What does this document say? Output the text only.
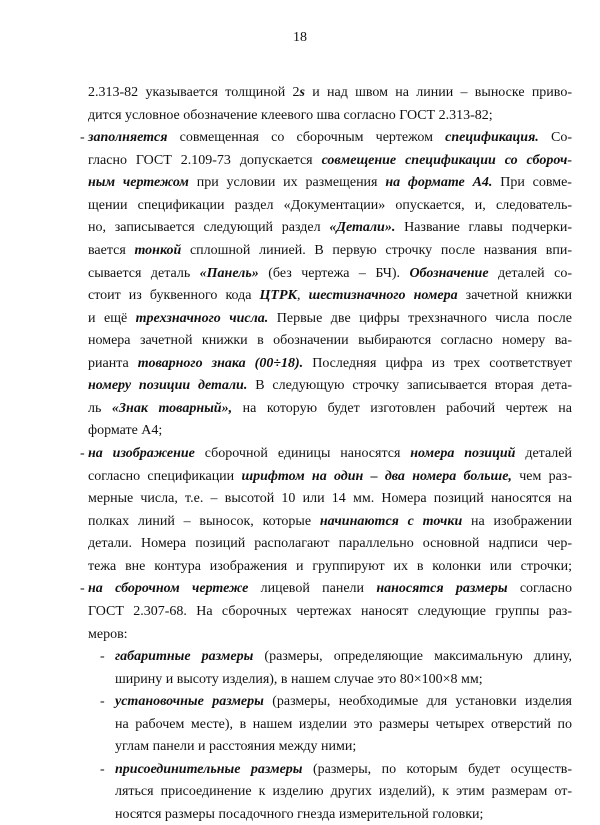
18
2.313-82 указывается толщиной 2s и над швом на линии – выноске приво-
дится условное обозначение клеевого шва согласно ГОСТ 2.313-82;
заполняется совмещенная со сборочным чертежом спецификация. Со-
гласно ГОСТ 2.109-73 допускается совмещение спецификации со сбороч-
ным чертежом при условии их размещения на формате А4. При совме-
щении спецификации раздел «Документации» опускается, и, следователь-
но, записывается следующий раздел «Детали». Название главы подчерки-
вается тонкой сплошной линией. В первую строчку после названия впи-
сывается деталь «Панель» (без чертежа – БЧ). Обозначение деталей со-
стоит из буквенного кода ЦТРК, шестизначного номера зачетной книжки
и ещё трехзначного числа. Первые две цифры трехзначного числа после
номера зачетной книжки в обозначении выбираются согласно номеру ва-
рианта товарного знака (00÷18). Последняя цифра из трех соответствует
номеру позиции детали. В следующую строчку записывается вторая дета-
ль «Знак товарный», на которую будет изготовлен рабочий чертеж на
формате А4;
на изображение сборочной единицы наносятся номера позиций деталей
согласно спецификации шрифтом на один – два номера больше, чем раз-
мерные числа, т.е. – высотой 10 или 14 мм. Номера позиций наносятся на
полках линий – выносок, которые начинаются с точки на изображении
детали. Номера позиций располагают параллельно основной надписи чер-
тежа вне контура изображения и группируют их в колонки или строчки;
на сборочном чертеже лицевой панели наносятся размеры согласно
ГОСТ 2.307-68. На сборочных чертежах наносят следующие группы раз-
меров:
габаритные размеры (размеры, определяющие максимальную длину,
ширину и высоту изделия), в нашем случае это 80×100×8 мм;
установочные размеры (размеры, необходимые для установки изделия
на рабочем месте), в нашем изделии это размеры четырех отверстий по
углам панели и расстояния между ними;
присоединительные размеры (размеры, по которым будет осуществ-
ляться присоединение к изделию других изделий), к этим размерам от-
носятся размеры посадочного гнезда измерительной головки;
-
-
-
-
-
-
